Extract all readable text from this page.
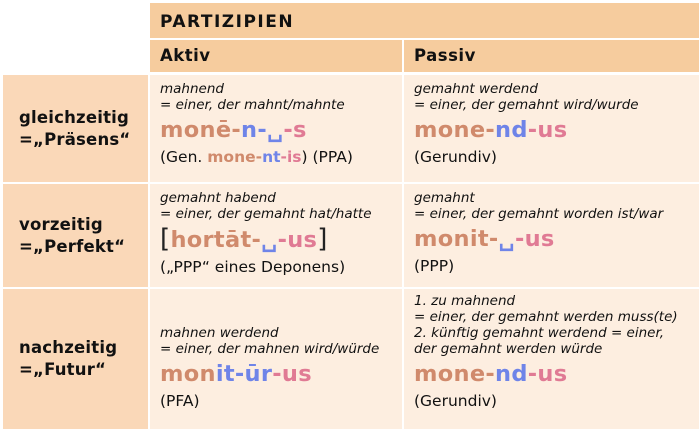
PARTIZIPIEN
Aktiv	Passiv
gleichzeitig
=„Präsens“
mahnend
= einer, der mahnt/mahnte
monē-n-␣-s
(Gen. mone-nt-is) (PPA)
gemahnt werdend
= einer, der gemahnt wird/wurde
mone-nd-us
(Gerundiv)
vorzeitig
=„Perfekt“
gemahnt habend
= einer, der gemahnt hat/hatte
[hortāt-␣-us]
(„PPP“ eines Deponens)
gemahnt
= einer, der gemahnt worden ist/war
monit-␣-us
(PPP)
nachzeitig
=„Futur“
mahnen werdend
= einer, der mahnen wird/würde
monit-ūr-us
(PFA)
1. zu mahnend
= einer, der gemahnt werden muss(te)
2. künftig gemahnt werdend = einer,
der gemahnt werden würde
mone-nd-us
(Gerundiv)
